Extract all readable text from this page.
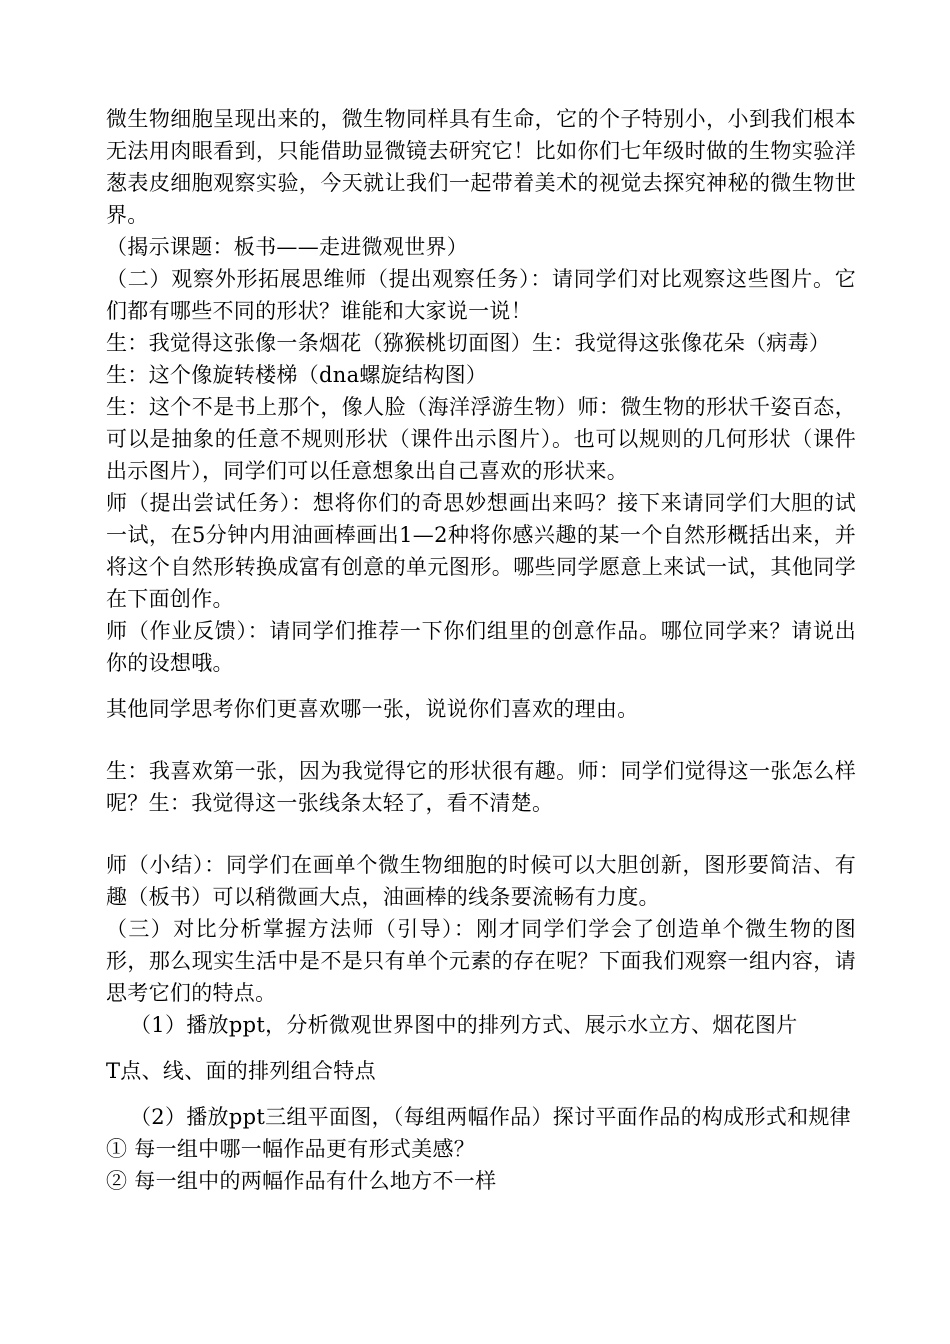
微生物细胞呈现出来的，微生物同样具有生命，它的个子特别小，小到我们根本无法用肉眼看到，只能借助显微镜去研究它！比如你们七年级时做的生物实验洋葱表皮细胞观察实验，今天就让我们一起带着美术的视觉去探究神秘的微生物世界。

（揭示课题：板书——走进微观世界）

（二）观察外形拓展思维师（提出观察任务）：请同学们对比观察这些图片。它们都有哪些不同的形状？谁能和大家说一说！

生：我觉得这张像一条烟花（猕猴桃切面图）生：我觉得这张像花朵（病毒）

生：这个像旋转楼梯（dna螺旋结构图）

生：这个不是书上那个，像人脸（海洋浮游生物）师：微生物的形状千姿百态，可以是抽象的任意不规则形状（课件出示图片）。也可以规则的几何形状（课件出示图片），同学们可以任意想象出自己喜欢的形状来。

师（提出尝试任务）：想将你们的奇思妙想画出来吗？接下来请同学们大胆的试一试，在5分钟内用油画棒画出1—2种将你感兴趣的某一个自然形概括出来，并将这个自然形转换成富有创意的单元图形。哪些同学愿意上来试一试，其他同学在下面创作。

师（作业反馈）：请同学们推荐一下你们组里的创意作品。哪位同学来？请说出你的设想哦。

其他同学思考你们更喜欢哪一张，说说你们喜欢的理由。

生：我喜欢第一张，因为我觉得它的形状很有趣。师：同学们觉得这一张怎么样呢？生：我觉得这一张线条太轻了，看不清楚。

师（小结）：同学们在画单个微生物细胞的时候可以大胆创新，图形要简洁、有趣（板书）可以稍微画大点，油画棒的线条要流畅有力度。

（三）对比分析掌握方法师（引导）：刚才同学们学会了创造单个微生物的图形，那么现实生活中是不是只有单个元素的存在呢？下面我们观察一组内容，请思考它们的特点。

（1）播放ppt，分析微观世界图中的排列方式、展示水立方、烟花图片

T点、线、面的排列组合特点

（2）播放ppt三组平面图，（每组两幅作品）探讨平面作品的构成形式和规律

① 每一组中哪一幅作品更有形式美感？

② 每一组中的两幅作品有什么地方不一样
